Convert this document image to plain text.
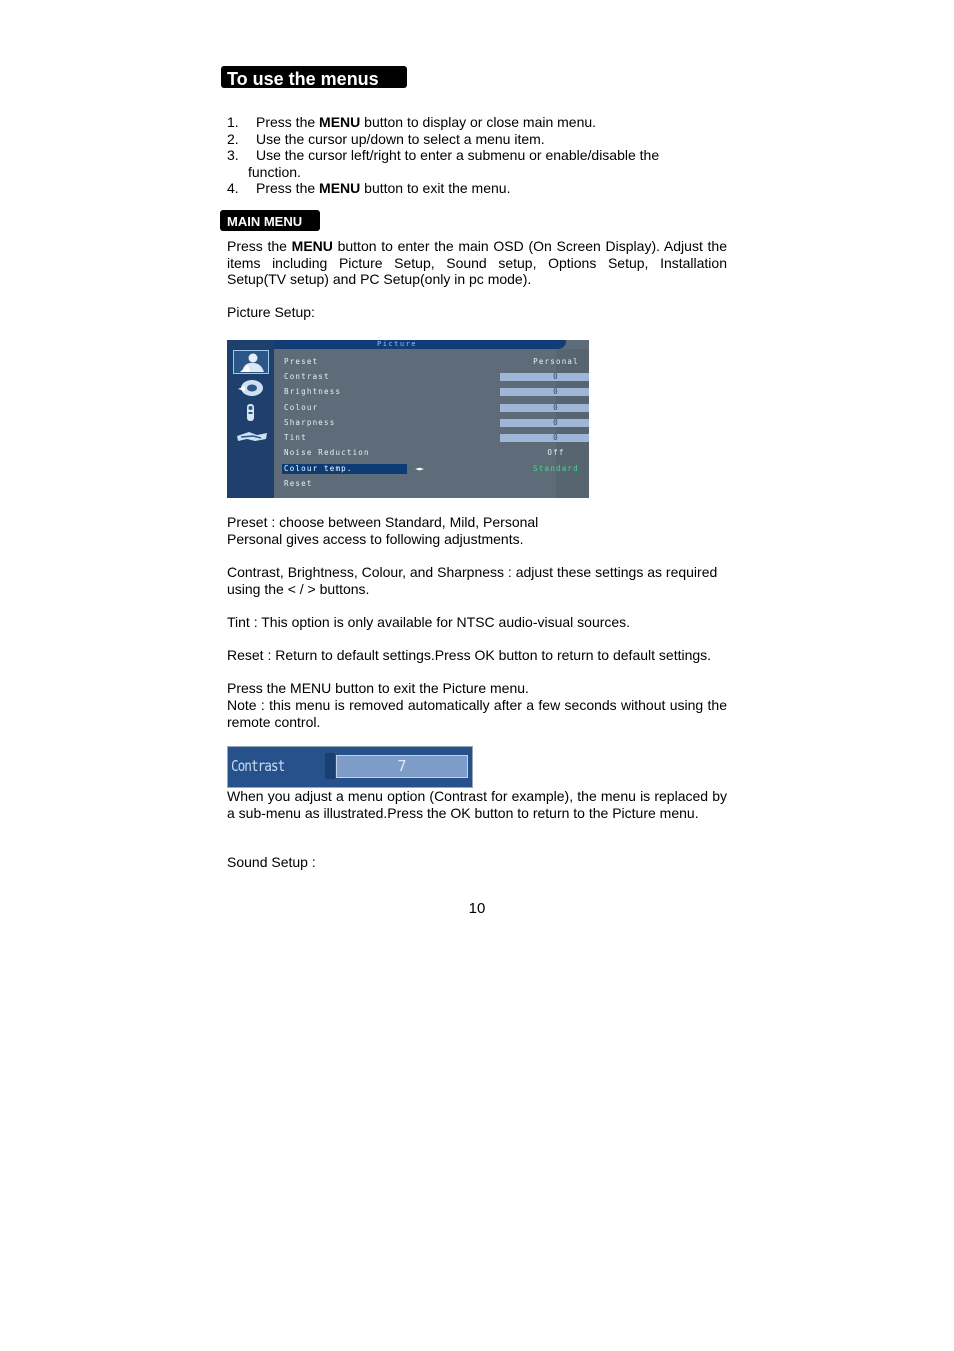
To use the menus
1. Press the MENU button to display or close main menu.
2. Use the cursor up/down to select a menu item.
3. Use the cursor left/right to enter a submenu or enable/disable the
function.
4. Press the MENU button to exit the menu.
MAIN MENU

Press the MENU button to enter the main OSD (On Screen Display). Adjust the items including Picture Setup, Sound setup, Options Setup, Installation Setup(TV setup) and PC Setup(only in pc mode).

Picture Setup:

Picture
Preset	Personal
Contrast	0
Brightness	0
Colour	0
Sharpness	0
Tint	0
Noise Reduction	Off
Colour temp.	◄►	Standard
Reset

Preset : choose between Standard, Mild, Personal

Personal gives access to following adjustments.

Contrast, Brightness, Colour, and Sharpness : adjust these settings as required using the < / > buttons.

Tint : This option is only available for NTSC audio-visual sources.

Reset : Return to default settings.Press OK button to return to default settings.

Press the MENU button to exit the Picture menu.

Note : this menu is removed automatically after a few seconds without using the remote control.

Contrast	7

When you adjust a menu option (Contrast for example), the menu is replaced by a sub-menu as illustrated.Press the OK button to return to the Picture menu.

Sound Setup :

10
